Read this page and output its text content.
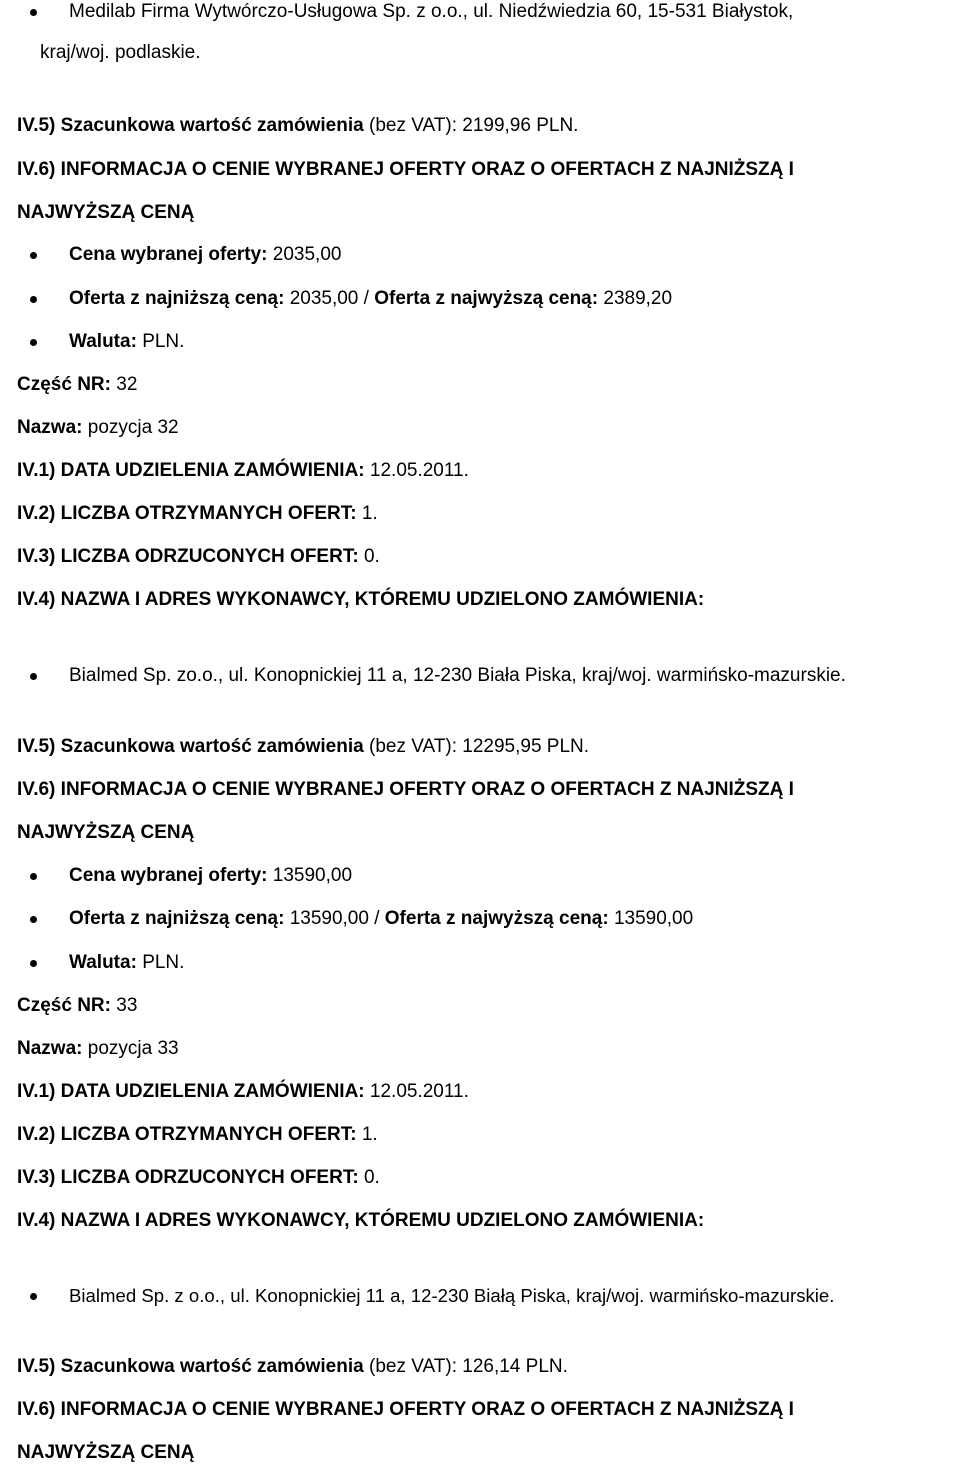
Medilab Firma Wytwórczo-Usługowa Sp. z o.o., ul. Niedźwiedzia 60, 15-531 Białystok,
kraj/woj. podlaskie.
IV.5) Szacunkowa wartość zamówienia (bez VAT): 2199,96 PLN.
IV.6) INFORMACJA O CENIE WYBRANEJ OFERTY ORAZ O OFERTACH Z NAJNIŻSZĄ I
NAJWYŻSZĄ CENĄ
Cena wybranej oferty: 2035,00
Oferta z najniższą ceną: 2035,00 / Oferta z najwyższą ceną: 2389,20
Waluta: PLN.
Część NR: 32
Nazwa: pozycja 32
IV.1) DATA UDZIELENIA ZAMÓWIENIA: 12.05.2011.
IV.2) LICZBA OTRZYMANYCH OFERT: 1.
IV.3) LICZBA ODRZUCONYCH OFERT: 0.
IV.4) NAZWA I ADRES WYKONAWCY, KTÓREMU UDZIELONO ZAMÓWIENIA:
Bialmed Sp. zo.o., ul. Konopnickiej 11 a, 12-230 Biała Piska, kraj/woj. warmińsko-mazurskie.
IV.5) Szacunkowa wartość zamówienia (bez VAT): 12295,95 PLN.
IV.6) INFORMACJA O CENIE WYBRANEJ OFERTY ORAZ O OFERTACH Z NAJNIŻSZĄ I
NAJWYŻSZĄ CENĄ
Cena wybranej oferty: 13590,00
Oferta z najniższą ceną: 13590,00 / Oferta z najwyższą ceną: 13590,00
Waluta: PLN.
Część NR: 33
Nazwa: pozycja 33
IV.1) DATA UDZIELENIA ZAMÓWIENIA: 12.05.2011.
IV.2) LICZBA OTRZYMANYCH OFERT: 1.
IV.3) LICZBA ODRZUCONYCH OFERT: 0.
IV.4) NAZWA I ADRES WYKONAWCY, KTÓREMU UDZIELONO ZAMÓWIENIA:
Bialmed Sp. z o.o., ul. Konopnickiej 11 a, 12-230 Białą Piska, kraj/woj. warmińsko-mazurskie.
IV.5) Szacunkowa wartość zamówienia (bez VAT): 126,14 PLN.
IV.6) INFORMACJA O CENIE WYBRANEJ OFERTY ORAZ O OFERTACH Z NAJNIŻSZĄ I
NAJWYŻSZĄ CENĄ
